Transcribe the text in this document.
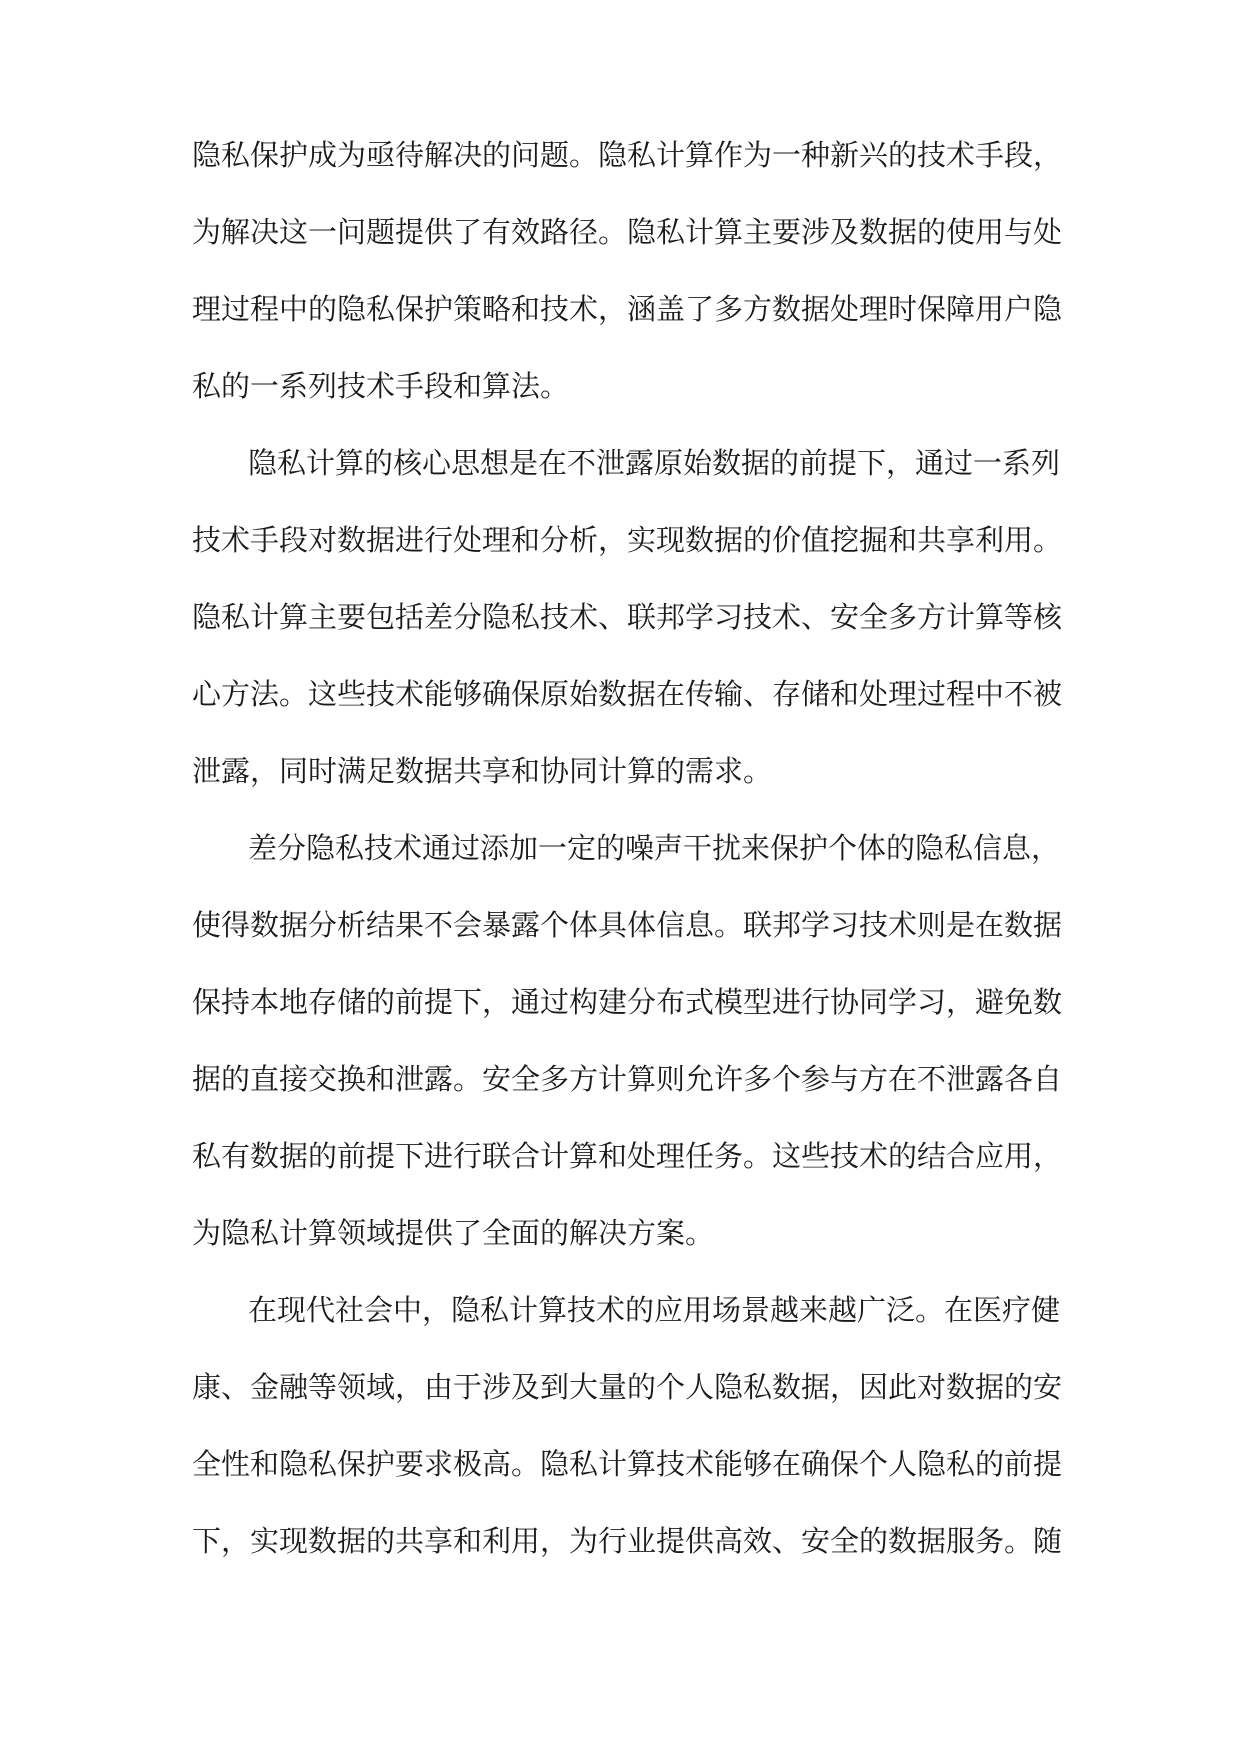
隐私保护成为亟待解决的问题。隐私计算作为一种新兴的技术手段，
为解决这一问题提供了有效路径。隐私计算主要涉及数据的使用与处
理过程中的隐私保护策略和技术，涵盖了多方数据处理时保障用户隐
私的一系列技术手段和算法。
隐私计算的核心思想是在不泄露原始数据的前提下，通过一系列
技术手段对数据进行处理和分析，实现数据的价值挖掘和共享利用。
隐私计算主要包括差分隐私技术、联邦学习技术、安全多方计算等核
心方法。这些技术能够确保原始数据在传输、存储和处理过程中不被
泄露，同时满足数据共享和协同计算的需求。
差分隐私技术通过添加一定的噪声干扰来保护个体的隐私信息，
使得数据分析结果不会暴露个体具体信息。联邦学习技术则是在数据
保持本地存储的前提下，通过构建分布式模型进行协同学习，避免数
据的直接交换和泄露。安全多方计算则允许多个参与方在不泄露各自
私有数据的前提下进行联合计算和处理任务。这些技术的结合应用，
为隐私计算领域提供了全面的解决方案。
在现代社会中，隐私计算技术的应用场景越来越广泛。在医疗健
康、金融等领域，由于涉及到大量的个人隐私数据，因此对数据的安
全性和隐私保护要求极高。隐私计算技术能够在确保个人隐私的前提
下，实现数据的共享和利用，为行业提供高效、安全的数据服务。随
